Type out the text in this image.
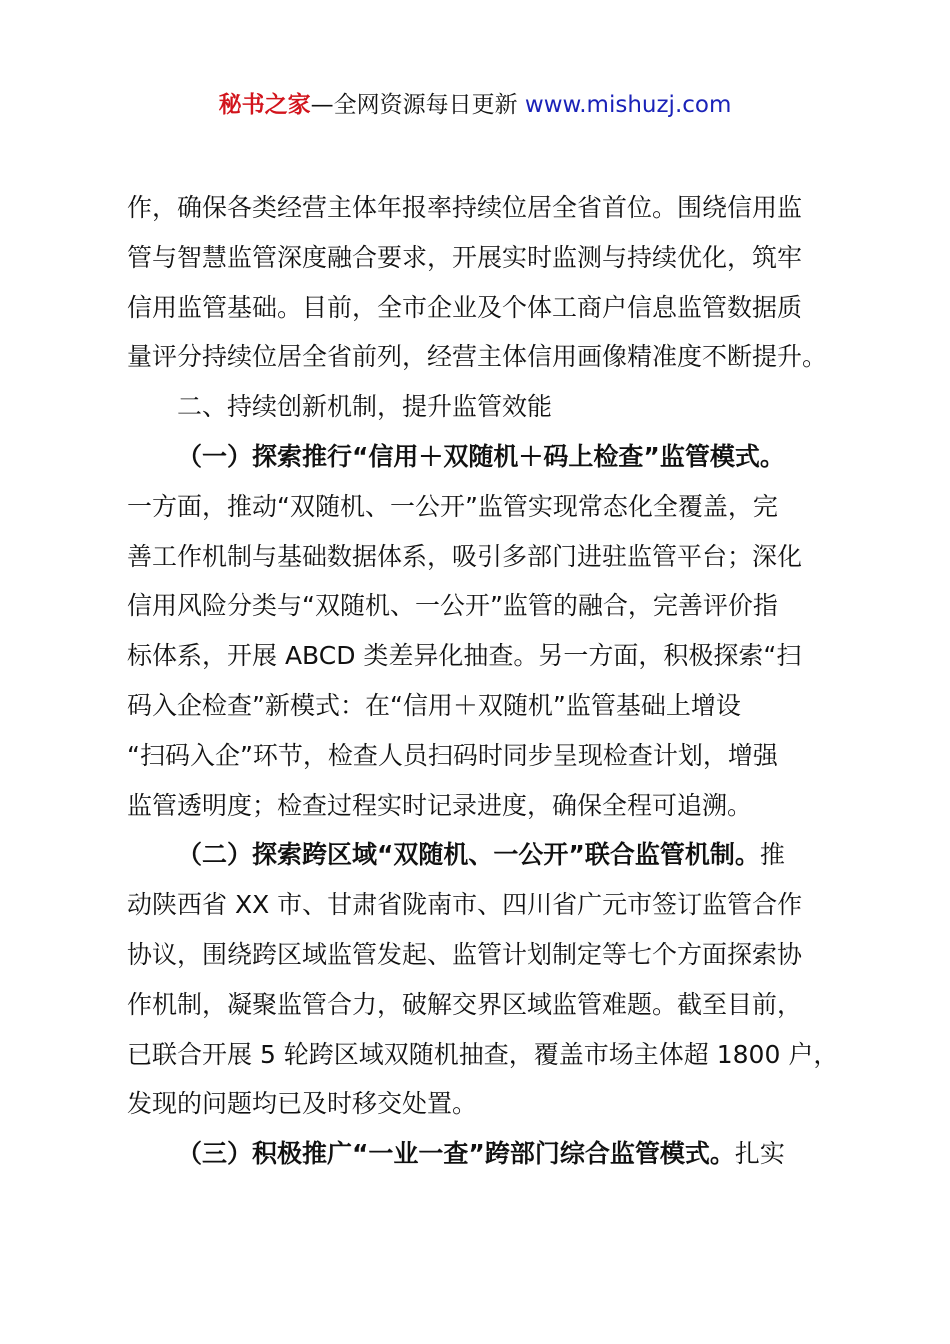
秘书之家—全网资源每日更新 www.mishuzj.com
作，确保各类经营主体年报率持续位居全省首位。围绕信用监
管与智慧监管深度融合要求，开展实时监测与持续优化，筑牢
信用监管基础。目前，全市企业及个体工商户信息监管数据质
量评分持续位居全省前列，经营主体信用画像精准度不断提升。
二、持续创新机制，提升监管效能
（一）探索推行“信用＋双随机＋码上检查”监管模式。
一方面，推动“双随机、一公开”监管实现常态化全覆盖，完
善工作机制与基础数据体系，吸引多部门进驻监管平台；深化
信用风险分类与“双随机、一公开”监管的融合，完善评价指
标体系，开展 ABCD 类差异化抽查。另一方面，积极探索“扫
码入企检查”新模式：在“信用＋双随机”监管基础上增设
“扫码入企”环节，检查人员扫码时同步呈现检查计划，增强
监管透明度；检查过程实时记录进度，确保全程可追溯。
（二）探索跨区域“双随机、一公开”联合监管机制。推
动陕西省 XX 市、甘肃省陇南市、四川省广元市签订监管合作
协议，围绕跨区域监管发起、监管计划制定等七个方面探索协
作机制，凝聚监管合力，破解交界区域监管难题。截至目前，
已联合开展 5 轮跨区域双随机抽查，覆盖市场主体超 1800 户，
发现的问题均已及时移交处置。
（三）积极推广“一业一查”跨部门综合监管模式。扎实
